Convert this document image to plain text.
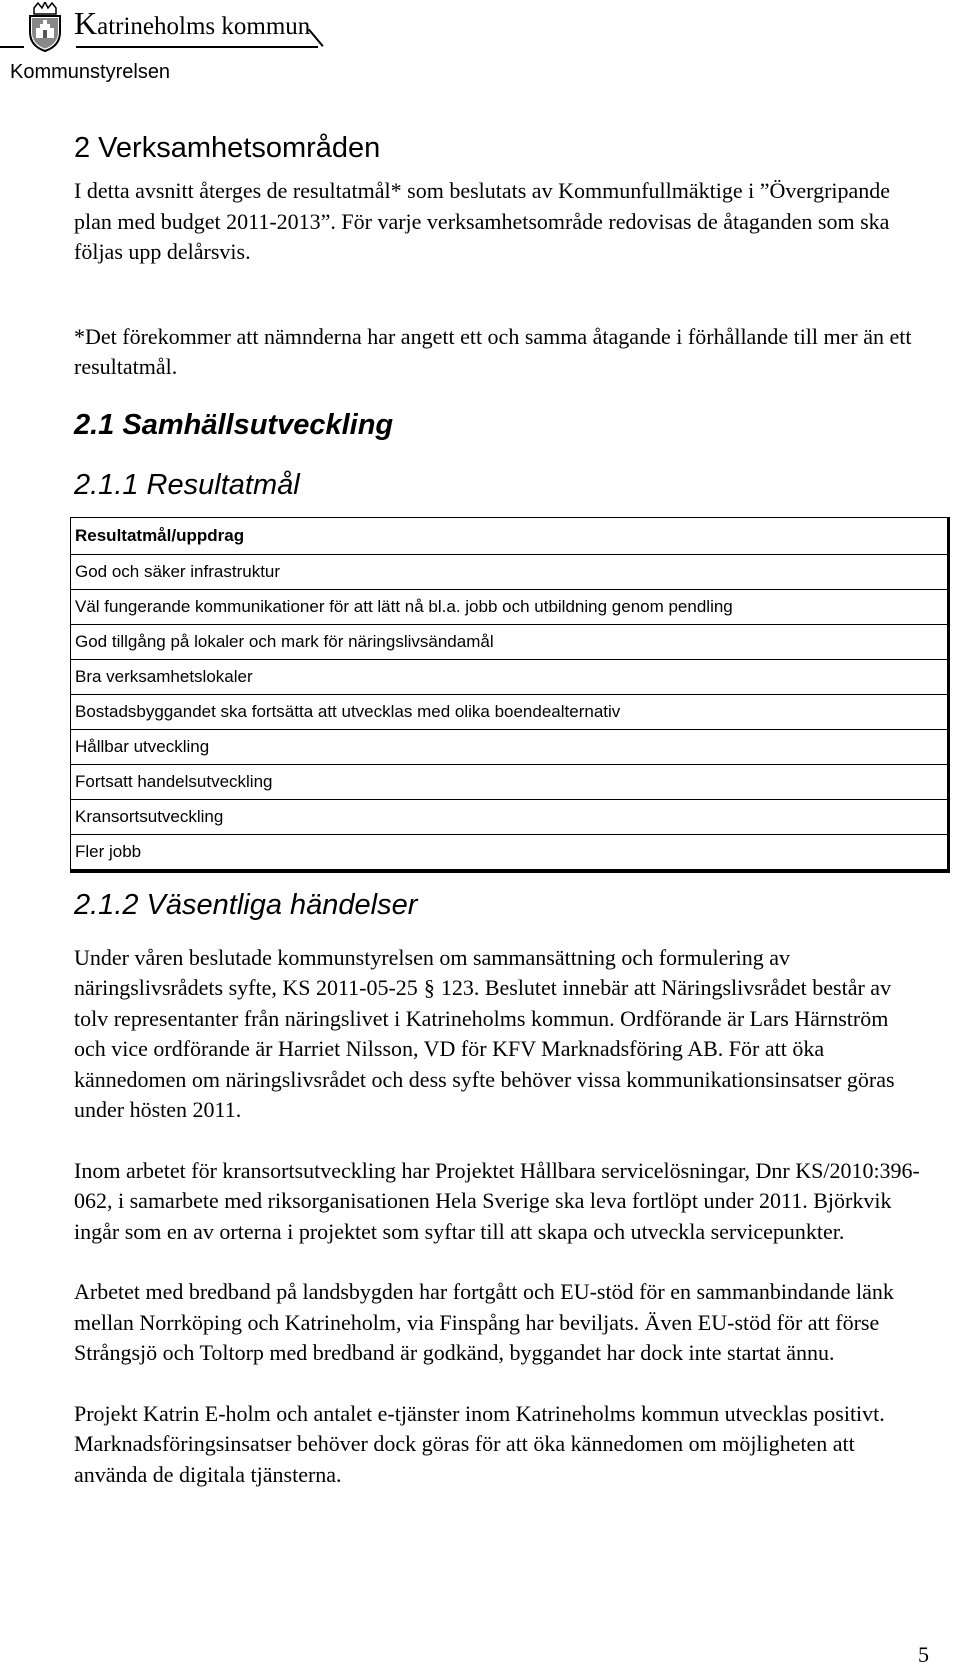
Katrineholms kommun
Kommunstyrelsen
2 Verksamhetsområden

I detta avsnitt återges de resultatmål* som beslutats av Kommunfullmäktige i ”Övergripande plan med budget 2011-2013”. För varje verksamhetsområde redovisas de åtaganden som ska följas upp delårsvis.

*Det förekommer att nämnderna har angett ett och samma åtagande i förhållande till mer än ett resultatmål.

2.1 Samhällsutveckling
2.1.1 Resultatmål
Resultatmål/uppdrag
God och säker infrastruktur
Väl fungerande kommunikationer för att lätt nå bl.a. jobb och utbildning genom pendling
God tillgång på lokaler och mark för näringslivsändamål
Bra verksamhetslokaler
Bostadsbyggandet ska fortsätta att utvecklas med olika boendealternativ
Hållbar utveckling
Fortsatt handelsutveckling
Kransortsutveckling
Fler jobb
2.1.2 Väsentliga händelser

Under våren beslutade kommunstyrelsen om sammansättning och formulering av näringslivsrådets syfte, KS 2011-05-25 § 123. Beslutet innebär att Näringslivsrådet består av tolv representanter från näringslivet i Katrineholms kommun. Ordförande är Lars Härnström och vice ordförande är Harriet Nilsson, VD för KFV Marknadsföring AB. För att öka kännedomen om näringslivsrådet och dess syfte behöver vissa kommunikationsinsatser göras under hösten 2011.

Inom arbetet för kransortsutveckling har Projektet Hållbara servicelösningar, Dnr KS/2010:396-062, i samarbete med riksorganisationen Hela Sverige ska leva fortlöpt under 2011. Björkvik ingår som en av orterna i projektet som syftar till att skapa och utveckla servicepunkter.

Arbetet med bredband på landsbygden har fortgått och EU-stöd för en sammanbindande länk mellan Norrköping och Katrineholm, via Finspång har beviljats. Även EU-stöd för att förse Strångsjö och Toltorp med bredband är godkänd, byggandet har dock inte startat ännu.

Projekt Katrin E-holm och antalet e-tjänster inom Katrineholms kommun utvecklas positivt. Marknadsföringsinsatser behöver dock göras för att öka kännedomen om möjligheten att använda de digitala tjänsterna.

5
